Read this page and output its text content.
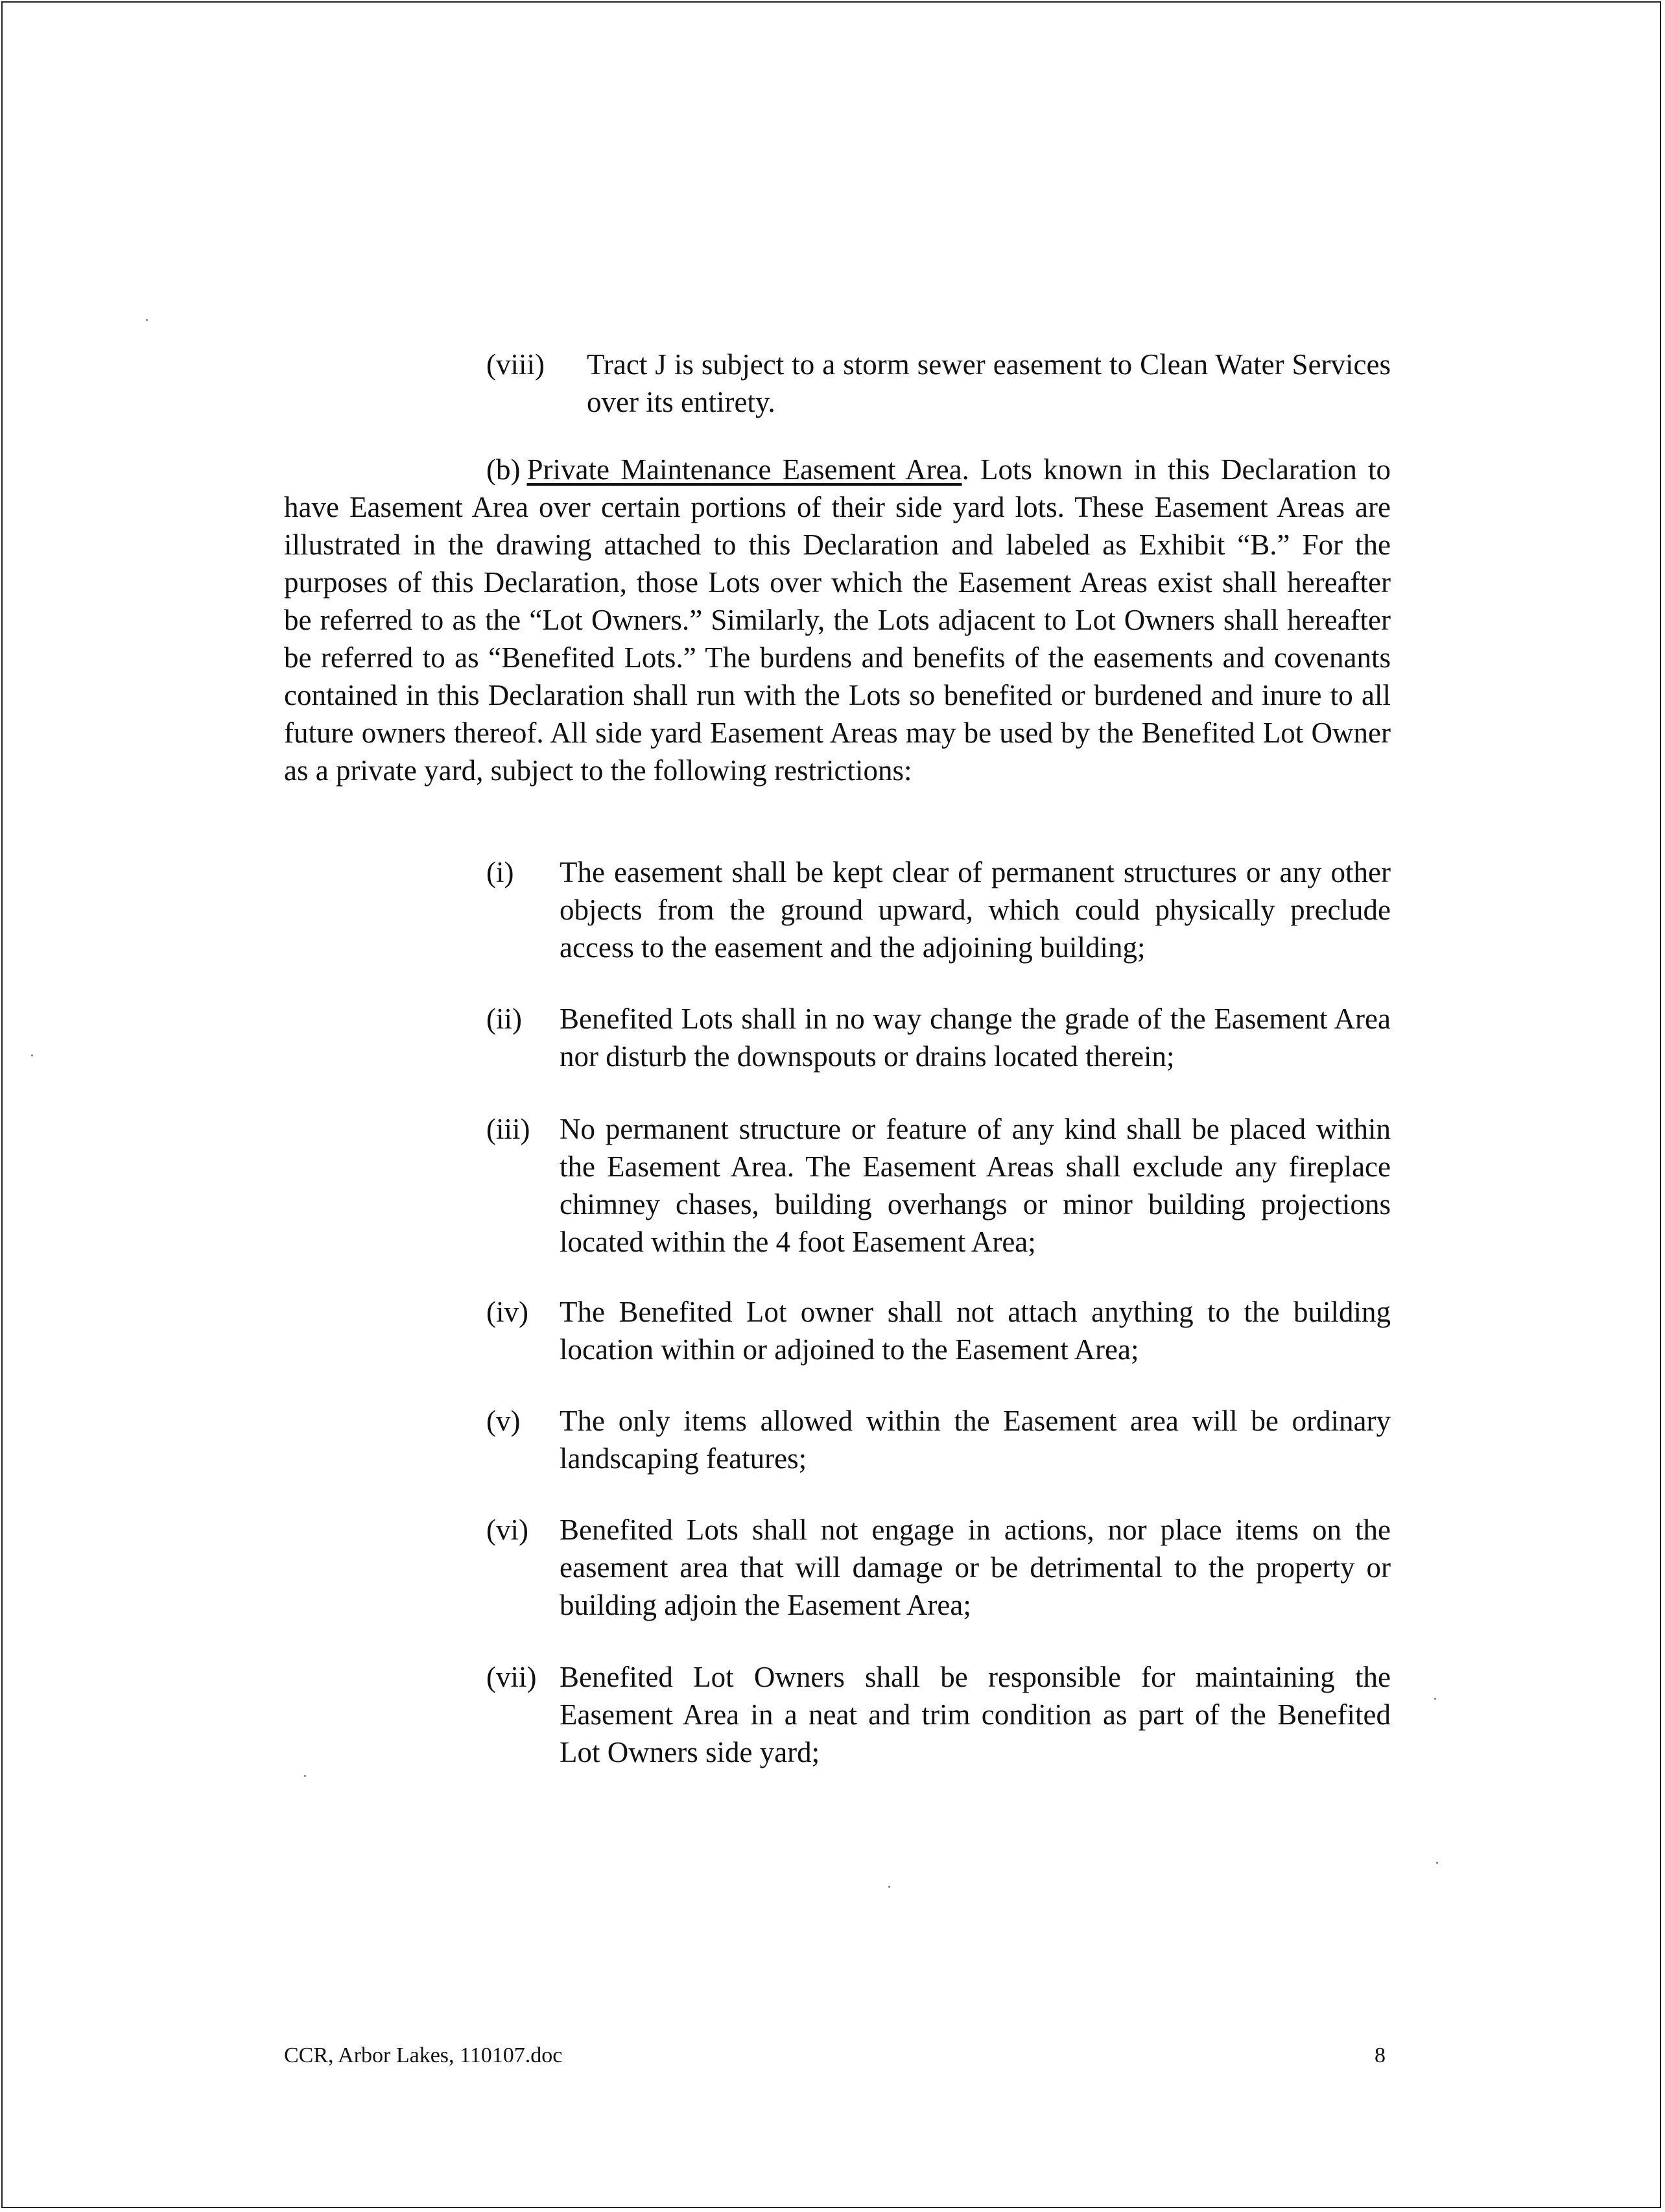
(viii) Tract J is subject to a storm sewer easement to Clean Water Services over its entirety.
(b) Private Maintenance Easement Area. Lots known in this Declaration to have Easement Area over certain portions of their side yard lots. These Easement Areas are illustrated in the drawing attached to this Declaration and labeled as Exhibit “B.” For the purposes of this Declaration, those Lots over which the Easement Areas exist shall hereafter be referred to as the “Lot Owners.” Similarly, the Lots adjacent to Lot Owners shall hereafter be referred to as “Benefited Lots.” The burdens and benefits of the easements and covenants contained in this Declaration shall run with the Lots so benefited or burdened and inure to all future owners thereof. All side yard Easement Areas may be used by the Benefited Lot Owner as a private yard, subject to the following restrictions:
(i) The easement shall be kept clear of permanent structures or any other objects from the ground upward, which could physically preclude access to the easement and the adjoining building;
(ii) Benefited Lots shall in no way change the grade of the Easement Area nor disturb the downspouts or drains located therein;
(iii) No permanent structure or feature of any kind shall be placed within the Easement Area. The Easement Areas shall exclude any fireplace chimney chases, building overhangs or minor building projections located within the 4 foot Easement Area;
(iv) The Benefited Lot owner shall not attach anything to the building location within or adjoined to the Easement Area;
(v) The only items allowed within the Easement area will be ordinary landscaping features;
(vi) Benefited Lots shall not engage in actions, nor place items on the easement area that will damage or be detrimental to the property or building adjoin the Easement Area;
(vii) Benefited Lot Owners shall be responsible for maintaining the Easement Area in a neat and trim condition as part of the Benefited Lot Owners side yard;
CCR, Arbor Lakes, 110107.doc	8
